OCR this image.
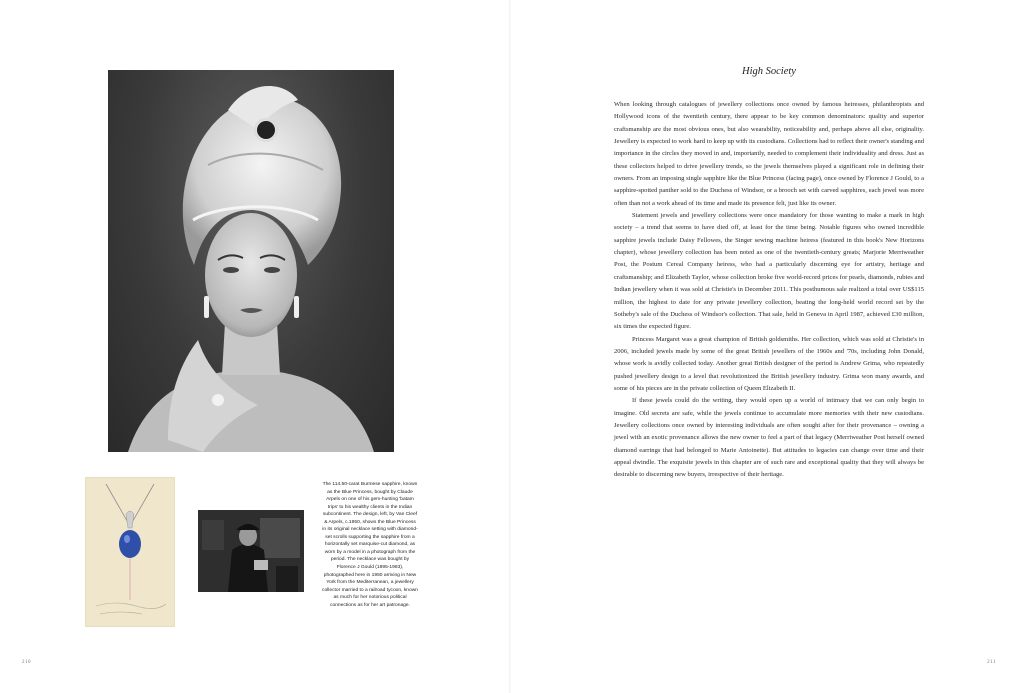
The 114.50-carat Burmese sapphire, known as the Blue Princess, bought by Claude Arpels on one of his gem-hunting 'batam trips' to his wealthy clients in the Indian subcontinent. The design, left, by Van Cleef & Arpels, c.1950, shows the Blue Princess in its original necklace setting with diamond-set scrolls supporting the sapphire from a horizontally set marquise-cut diamond, as worn by a model in a photograph from the period. The necklace was bought by Florence J Gould (1895-1983), photographed here in 1950 arriving in New York from the Mediterranean, a jewellery collector married to a railroad tycoon, known as much for her notorious political connections as for her art patronage.
210
High Society

When looking through catalogues of jewellery collections once owned by famous heiresses, philanthropists and Hollywood icons of the twentieth century, there appear to be key common denominators: quality and superior craftsmanship are the most obvious ones, but also wearability, noticeability and, perhaps above all else, originality. Jewellery is expected to work hard to keep up with its custodians. Collections had to reflect their owner's standing and importance in the circles they moved in and, importantly, needed to complement their individuality and dress. Just as these collectors helped to drive jewellery trends, so the jewels themselves played a significant role in defining their owners. From an imposing single sapphire like the Blue Princess (facing page), once owned by Florence J Gould, to a sapphire-spotted panther sold to the Duchess of Windsor, or a brooch set with carved sapphires, each jewel was more often than not a work ahead of its time and made its presence felt, just like its owner.

Statement jewels and jewellery collections were once mandatory for those wanting to make a mark in high society – a trend that seems to have died off, at least for the time being. Notable figures who owned incredible sapphire jewels include Daisy Fellowes, the Singer sewing machine heiress (featured in this book's New Horizons chapter), whose jewellery collection has been noted as one of the twentieth-century greats; Marjorie Merriweather Post, the Postum Cereal Company heiress, who had a particularly discerning eye for artistry, heritage and craftsmanship; and Elizabeth Taylor, whose collection broke five world-record prices for pearls, diamonds, rubies and Indian jewellery when it was sold at Christie's in December 2011. This posthumous sale realized a total over US$115 million, the highest to date for any private jewellery collection, beating the long-held world record set by the Sotheby's sale of the Duchess of Windsor's collection. That sale, held in Geneva in April 1987, achieved £30 million, six times the expected figure.

Princess Margaret was a great champion of British goldsmiths. Her collection, which was sold at Christie's in 2006, included jewels made by some of the great British jewellers of the 1960s and '70s, including John Donald, whose work is avidly collected today. Another great British designer of the period is Andrew Grima, who repeatedly pushed jewellery design to a level that revolutionized the British jewellery industry. Grima won many awards, and some of his pieces are in the private collection of Queen Elizabeth II.

If these jewels could do the writing, they would open up a world of intimacy that we can only begin to imagine. Old secrets are safe, while the jewels continue to accumulate more memories with their new custodians. Jewellery collections once owned by interesting individuals are often sought after for their provenance – owning a jewel with an exotic provenance allows the new owner to feel a part of that legacy (Merriweather Post herself owned diamond earrings that had belonged to Marie Antoinette). But attitudes to legacies can change over time and their appeal dwindle. The exquisite jewels in this chapter are of such rare and exceptional quality that they will always be desirable to discerning new buyers, irrespective of their heritage.

211
